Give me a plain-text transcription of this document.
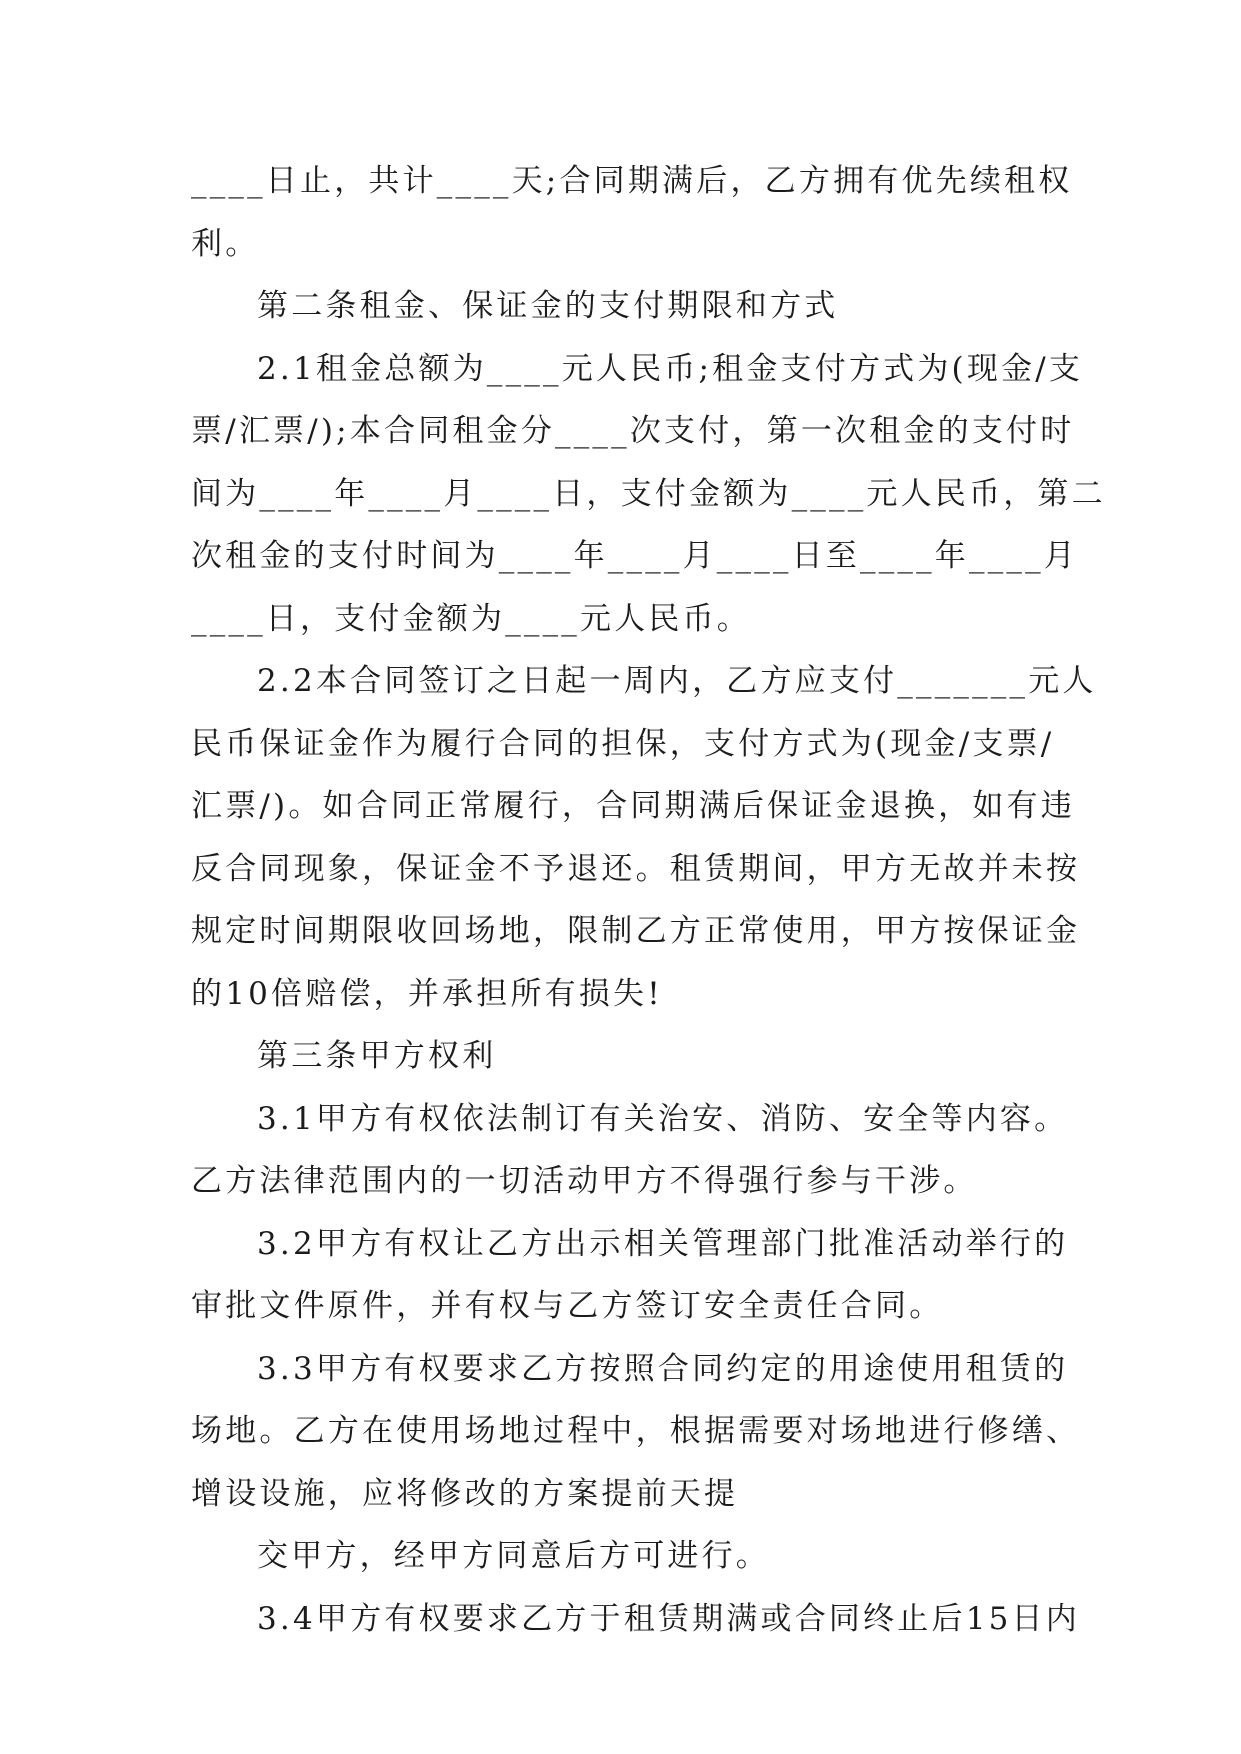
____日止，共计____天;合同期满后，乙方拥有优先续租权
利。
第二条租金、保证金的支付期限和方式
2.1租金总额为____元人民币;租金支付方式为(现金/支
票/汇票/);本合同租金分____次支付，第一次租金的支付时
间为____年____月____日，支付金额为____元人民币，第二
次租金的支付时间为____年____月____日至____年____月
____日，支付金额为____元人民币。
2.2本合同签订之日起一周内，乙方应支付_______元人
民币保证金作为履行合同的担保，支付方式为(现金/支票/
汇票/)。如合同正常履行，合同期满后保证金退换，如有违
反合同现象，保证金不予退还。租赁期间，甲方无故并未按
规定时间期限收回场地，限制乙方正常使用，甲方按保证金
的10倍赔偿，并承担所有损失!
第三条甲方权利
3.1甲方有权依法制订有关治安、消防、安全等内容。
乙方法律范围内的一切活动甲方不得强行参与干涉。
3.2甲方有权让乙方出示相关管理部门批准活动举行的
审批文件原件，并有权与乙方签订安全责任合同。
3.3甲方有权要求乙方按照合同约定的用途使用租赁的
场地。乙方在使用场地过程中，根据需要对场地进行修缮、
增设设施，应将修改的方案提前天提
交甲方，经甲方同意后方可进行。
3.4甲方有权要求乙方于租赁期满或合同终止后15日内
